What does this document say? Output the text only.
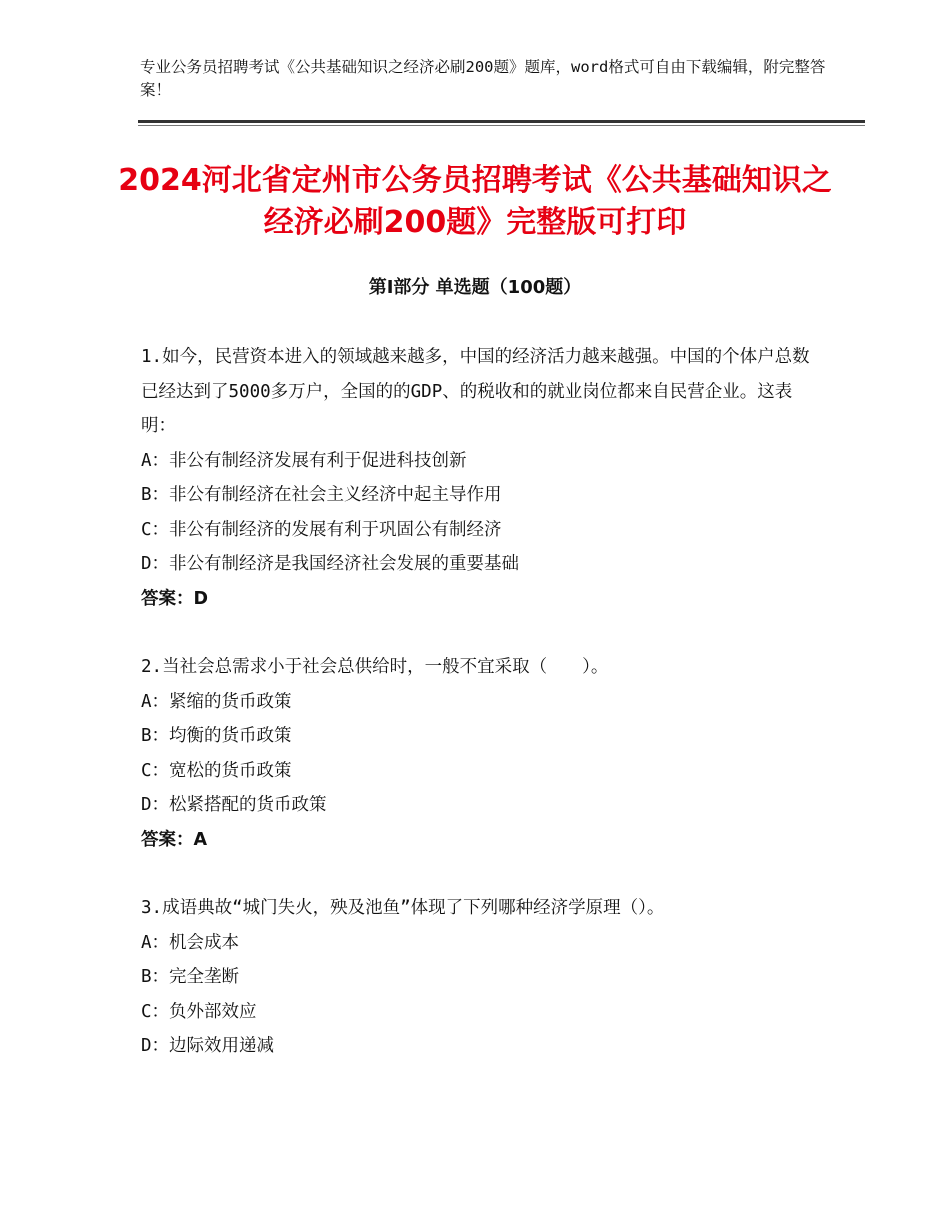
专业公务员招聘考试《公共基础知识之经济必刷200题》题库，word格式可自由下载编辑，附完整答案！
2024河北省定州市公务员招聘考试《公共基础知识之经济必刷200题》完整版可打印
第Ⅰ部分 单选题（100题）

1.如今，民营资本进入的领域越来越多，中国的经济活力越来越强。中国的个体户总数已经达到了5000多万户，全国的的GDP、的税收和的就业岗位都来自民营企业。这表明：

A：非公有制经济发展有利于促进科技创新

B：非公有制经济在社会主义经济中起主导作用

C：非公有制经济的发展有利于巩固公有制经济

D：非公有制经济是我国经济社会发展的重要基础

答案：D

2.当社会总需求小于社会总供给时，一般不宜采取（　　）。

A：紧缩的货币政策

B：均衡的货币政策

C：宽松的货币政策

D：松紧搭配的货币政策

答案：A

3.成语典故“城门失火，殃及池鱼”体现了下列哪种经济学原理（）。

A：机会成本

B：完全垄断

C：负外部效应

D：边际效用递减
